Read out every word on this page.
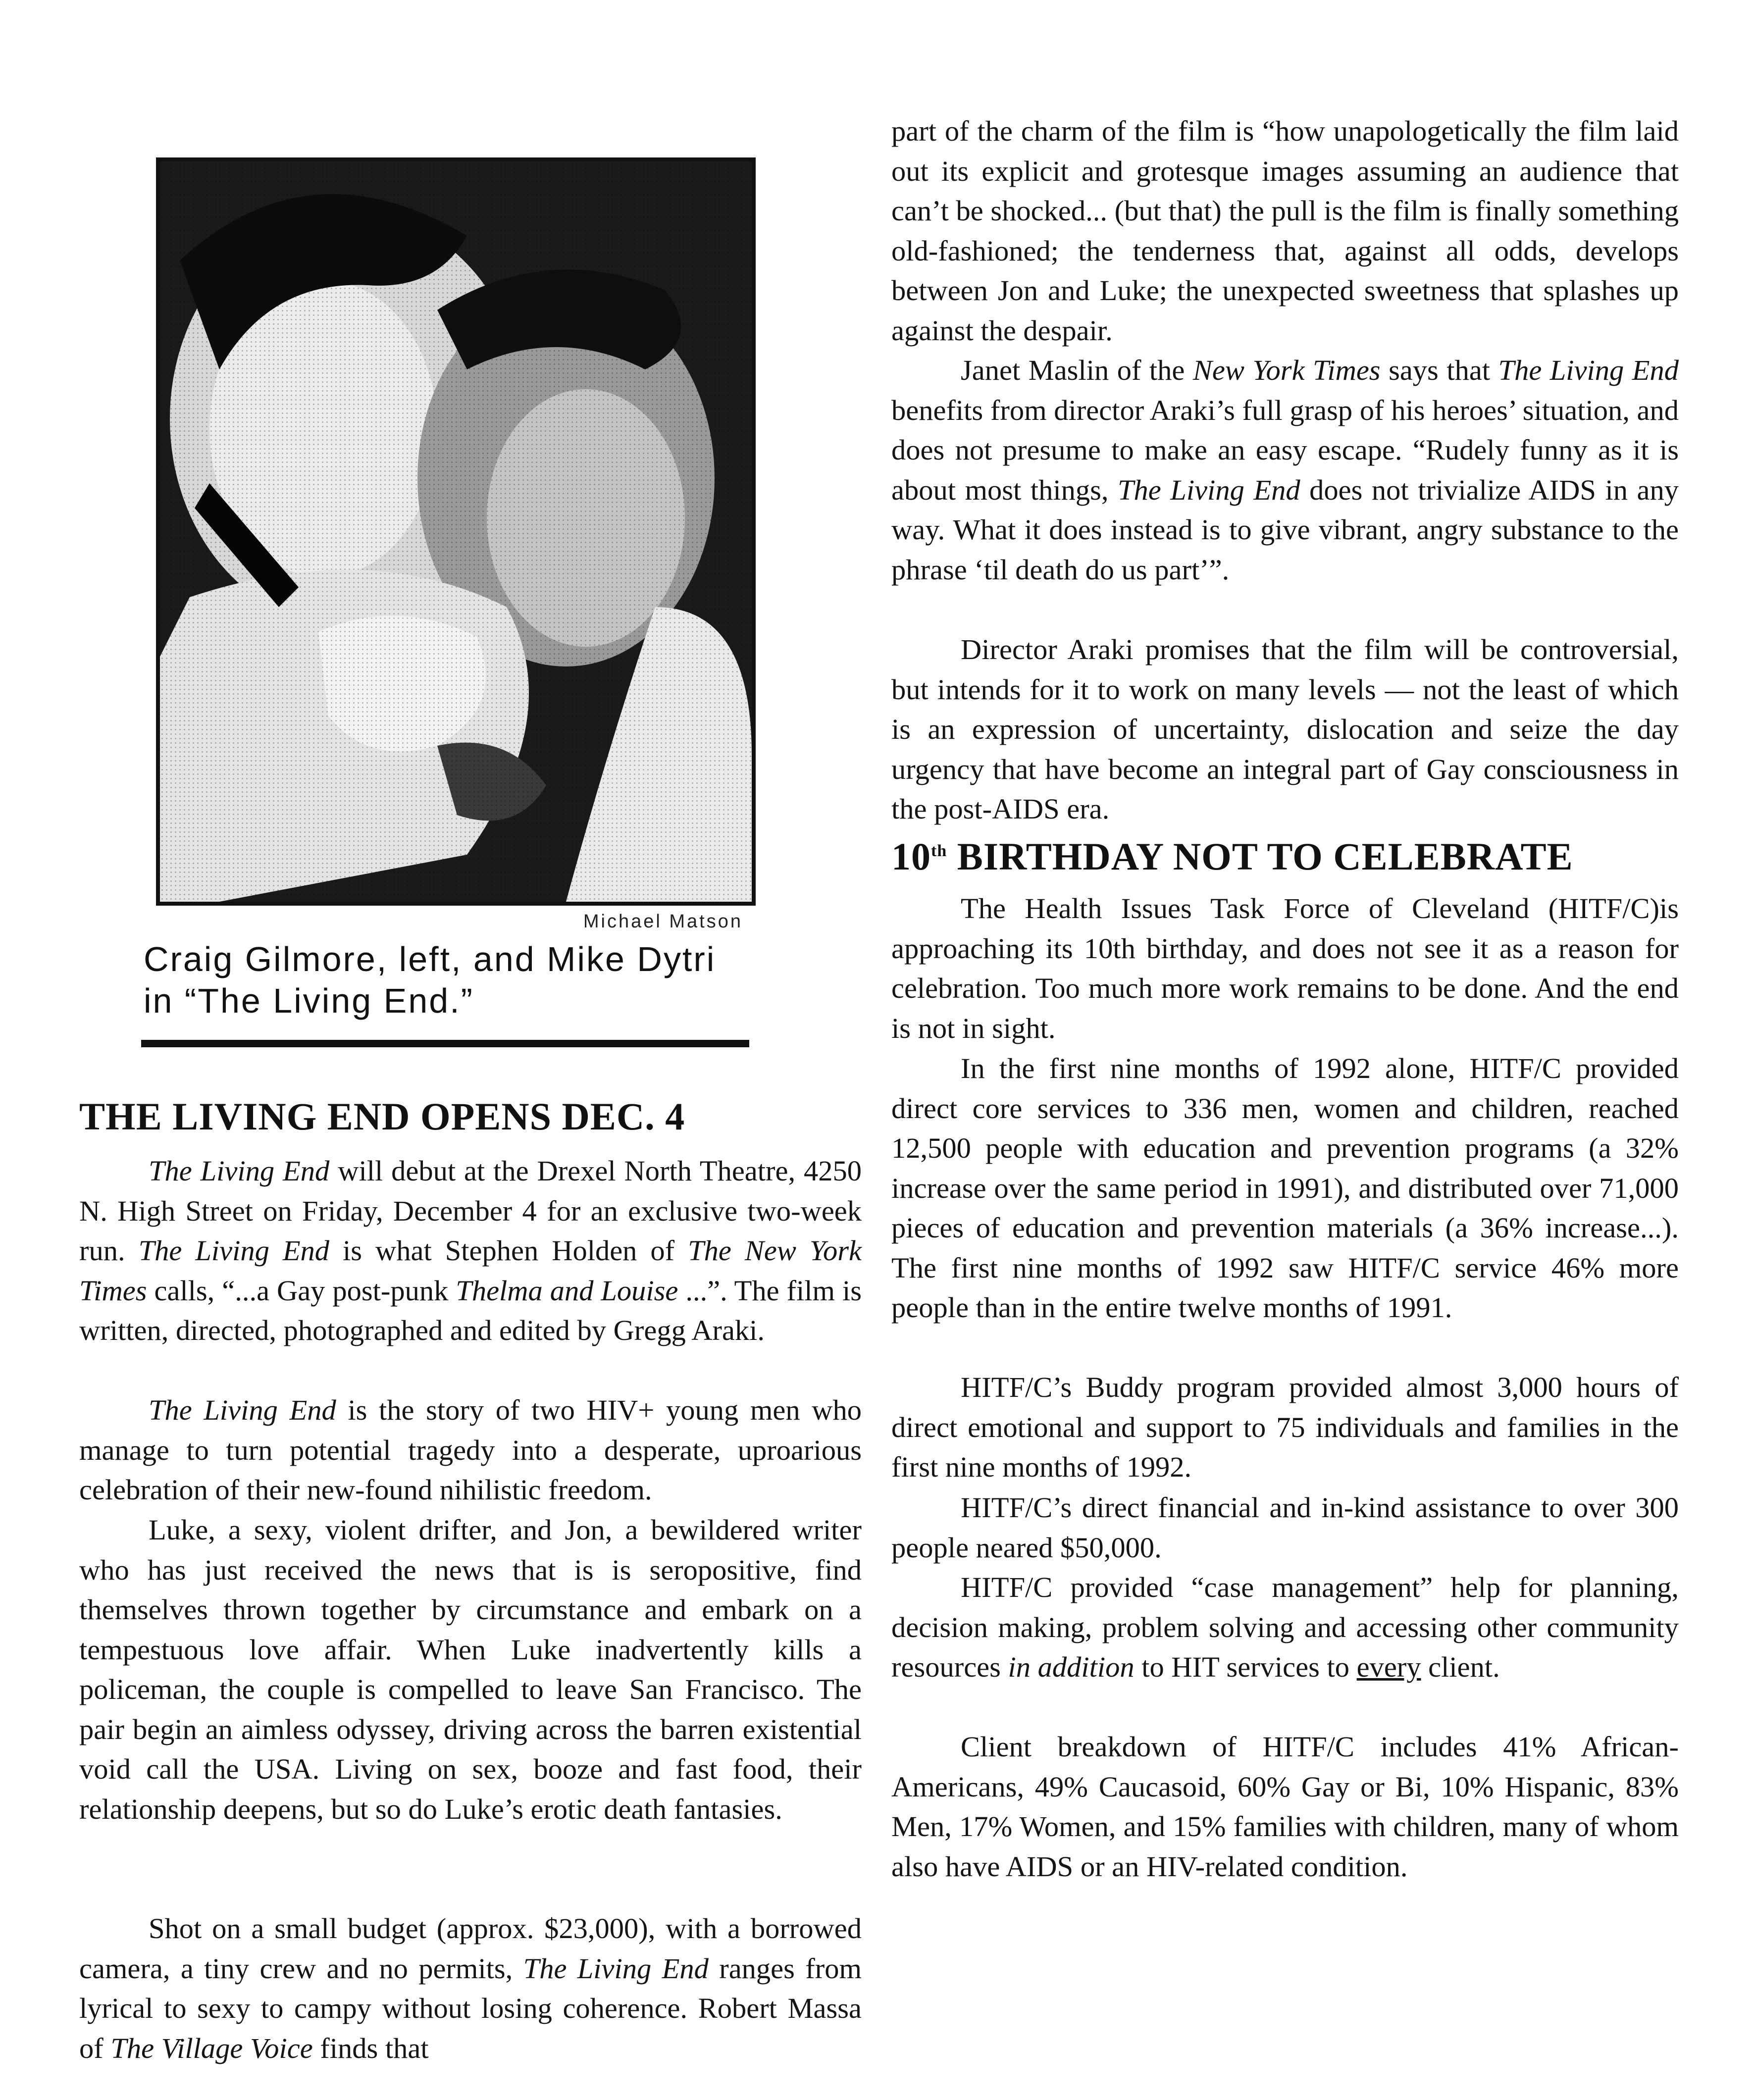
Michael Matson
Craig Gilmore, left, and Mike Dytri in “The Living End.”
THE LIVING END OPENS DEC. 4

The Living End will debut at the Drexel North Theatre, 4250 N. High Street on Friday, December 4 for an exclusive two-week run. The Living End is what Stephen Holden of The New York Times calls, “...a Gay post-punk Thelma and Louise ...”. The film is written, directed, photographed and edited by Gregg Araki.

The Living End is the story of two HIV+ young men who manage to turn potential tragedy into a desperate, uproarious celebration of their new-found nihilistic freedom.

Luke, a sexy, violent drifter, and Jon, a bewildered writer who has just received the news that is is seropositive, find themselves thrown together by circumstance and embark on a tempestuous love affair. When Luke inadvertently kills a policeman, the couple is compelled to leave San Francisco. The pair begin an aimless odyssey, driving across the barren existential void call the USA. Living on sex, booze and fast food, their relationship deepens, but so do Luke’s erotic death fantasies.

Shot on a small budget (approx. $23,000), with a borrowed camera, a tiny crew and no permits, The Living End ranges from lyrical to sexy to campy without losing coherence. Robert Massa of The Village Voice finds that

part of the charm of the film is “how unapologetically the film laid out its explicit and grotesque images assuming an audience that can’t be shocked... (but that) the pull is the film is finally something old-fashioned; the tenderness that, against all odds, develops between Jon and Luke; the unexpected sweetness that splashes up against the despair.

Janet Maslin of the New York Times says that The Living End benefits from director Araki’s full grasp of his heroes’ situation, and does not presume to make an easy escape. “Rudely funny as it is about most things, The Living End does not trivialize AIDS in any way. What it does instead is to give vibrant, angry substance to the phrase ‘til death do us part’”.

Director Araki promises that the film will be controversial, but intends for it to work on many levels — not the least of which is an expression of uncertainty, dislocation and seize the day urgency that have become an integral part of Gay consciousness in the post-AIDS era.

10th BIRTHDAY NOT TO CELEBRATE

The Health Issues Task Force of Cleveland (HITF/C)is approaching its 10th birthday, and does not see it as a reason for celebration. Too much more work remains to be done. And the end is not in sight.

In the first nine months of 1992 alone, HITF/C provided direct core services to 336 men, women and children, reached 12,500 people with education and prevention programs (a 32% increase over the same period in 1991), and distributed over 71,000 pieces of education and prevention materials (a 36% increase...). The first nine months of 1992 saw HITF/C service 46% more people than in the entire twelve months of 1991.

HITF/C’s Buddy program provided almost 3,000 hours of direct emotional and support to 75 individuals and families in the first nine months of 1992.

HITF/C’s direct financial and in-kind assistance to over 300 people neared $50,000.

HITF/C provided “case management” help for planning, decision making, problem solving and accessing other community resources in addition to HIT services to every client.

Client breakdown of HITF/C includes 41% African-Americans, 49% Caucasoid, 60% Gay or Bi, 10% Hispanic, 83% Men, 17% Women, and 15% families with children, many of whom also have AIDS or an HIV-related condition.
